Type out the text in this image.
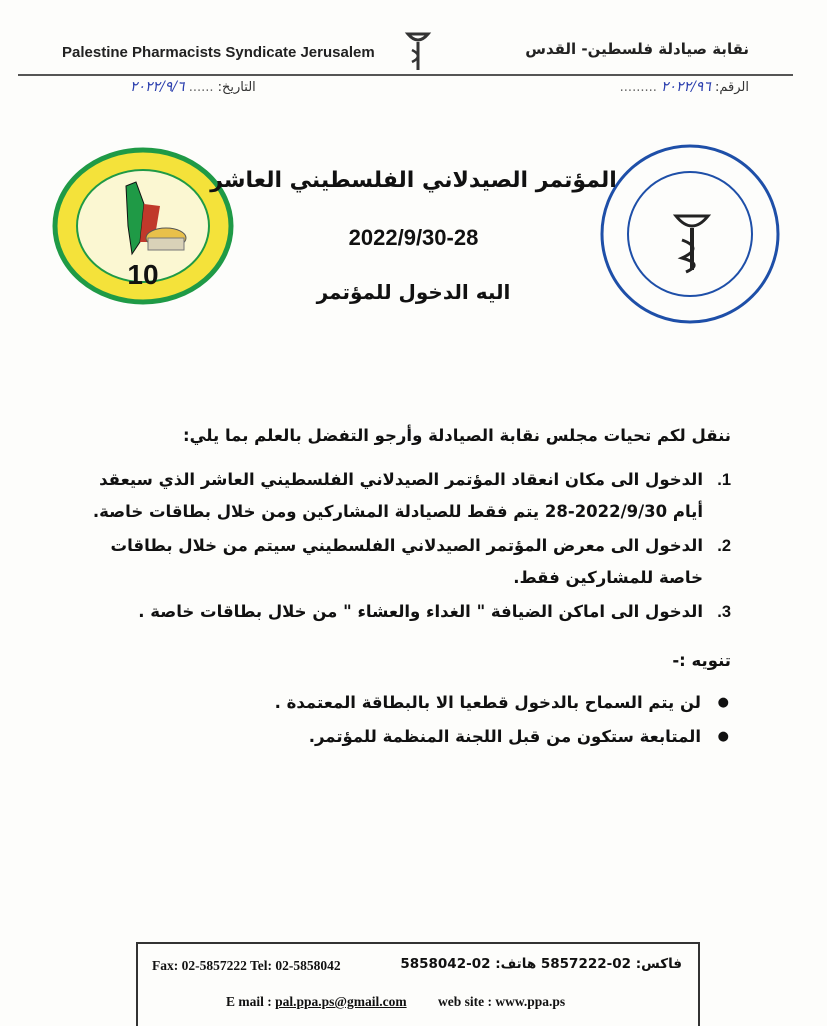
Palestine Pharmacists Syndicate Jerusalem	نقابة صيادلة فلسطين- القدس
التاريخ: ...... ٢٠٢٢/٩/٦	الرقم: ٢٠٢٢/٩٦ .........
10
المؤتمر الصيدلاني الفلسطيني العاشر
2022/9/30-28
اليه الدخول للمؤتمر
ننقل لكم تحيات مجلس نقابة الصيادلة وأرجو التفضل بالعلم بما يلي:
1.
الدخول الى مكان انعقاد المؤتمر الصيدلاني الفلسطيني العاشر الذي سيعقد أيام 2022/9/30-28 يتم فقط للصيادلة المشاركين ومن خلال بطاقات خاصة.
2.
الدخول الى معرض المؤتمر الصيدلاني الفلسطيني سيتم من خلال بطاقات خاصة للمشاركين فقط.
3.
الدخول الى اماكن الضيافة " الغداء والعشاء " من خلال بطاقات خاصة .
تنويه :-
● لن يتم السماح بالدخول قطعيا الا بالبطاقة المعتمدة .
● المتابعة ستكون من قبل اللجنة المنظمة للمؤتمر.
Fax: 02-5857222 Tel: 02-5858042	فاكس: 02-5857222 هاتف: 02-5858042
E mail : pal.ppa.ps@gmail.com web site : www.ppa.ps
